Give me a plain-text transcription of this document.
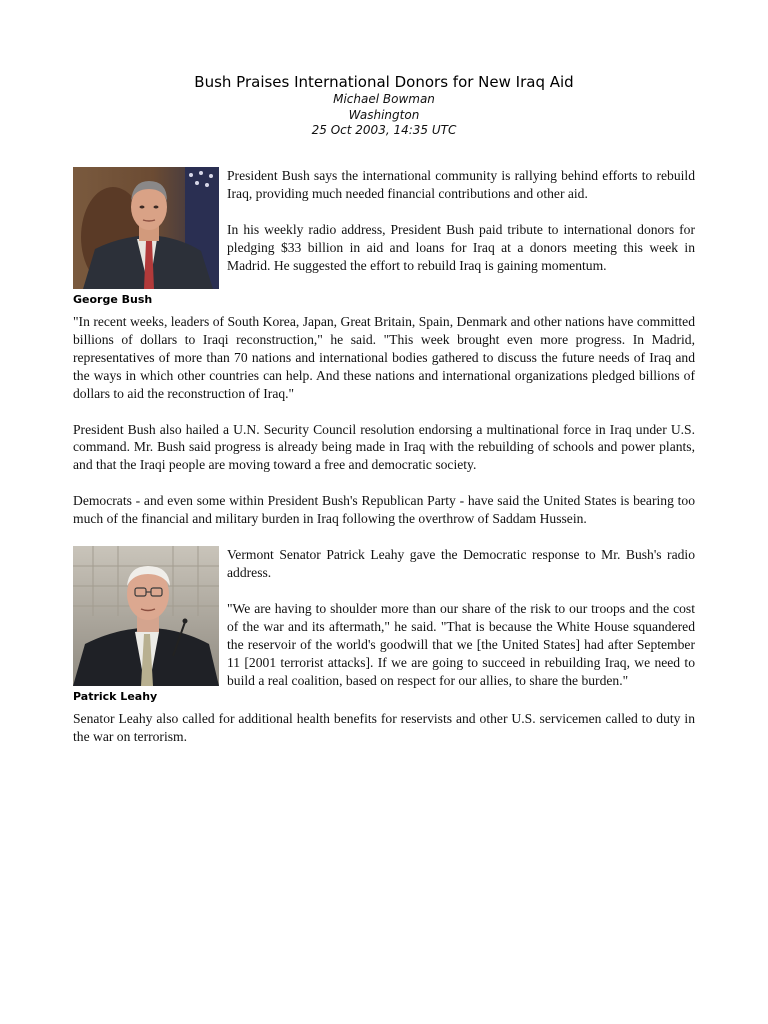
Bush Praises International Donors for New Iraq Aid
Michael Bowman
Washington
25 Oct 2003, 14:35 UTC
George Bush

President Bush says the international community is rallying behind efforts to rebuild Iraq, providing much needed financial contributions and other aid.

In his weekly radio address, President Bush paid tribute to international donors for pledging $33 billion in aid and loans for Iraq at a donors meeting this week in Madrid. He suggested the effort to rebuild Iraq is gaining momentum.

"In recent weeks, leaders of South Korea, Japan, Great Britain, Spain, Denmark and other nations have committed billions of dollars to Iraqi reconstruction," he said. "This week brought even more progress. In Madrid, representatives of more than 70 nations and international bodies gathered to discuss the future needs of Iraq and the ways in which other countries can help. And these nations and international organizations pledged billions of dollars to aid the reconstruction of Iraq."

President Bush also hailed a U.N. Security Council resolution endorsing a multinational force in Iraq under U.S. command. Mr. Bush said progress is already being made in Iraq with the rebuilding of schools and power plants, and that the Iraqi people are moving toward a free and democratic society.

Democrats - and even some within President Bush's Republican Party - have said the United States is bearing too much of the financial and military burden in Iraq following the overthrow of Saddam Hussein.

Patrick Leahy

Vermont Senator Patrick Leahy gave the Democratic response to Mr. Bush's radio address.

"We are having to shoulder more than our share of the risk to our troops and the cost of the war and its aftermath," he said. "That is because the White House squandered the reservoir of the world's goodwill that we [the United States] had after September 11 [2001 terrorist attacks]. If we are going to succeed in rebuilding Iraq, we need to build a real coalition, based on respect for our allies, to share the burden."

Senator Leahy also called for additional health benefits for reservists and other U.S. servicemen called to duty in the war on terrorism.
